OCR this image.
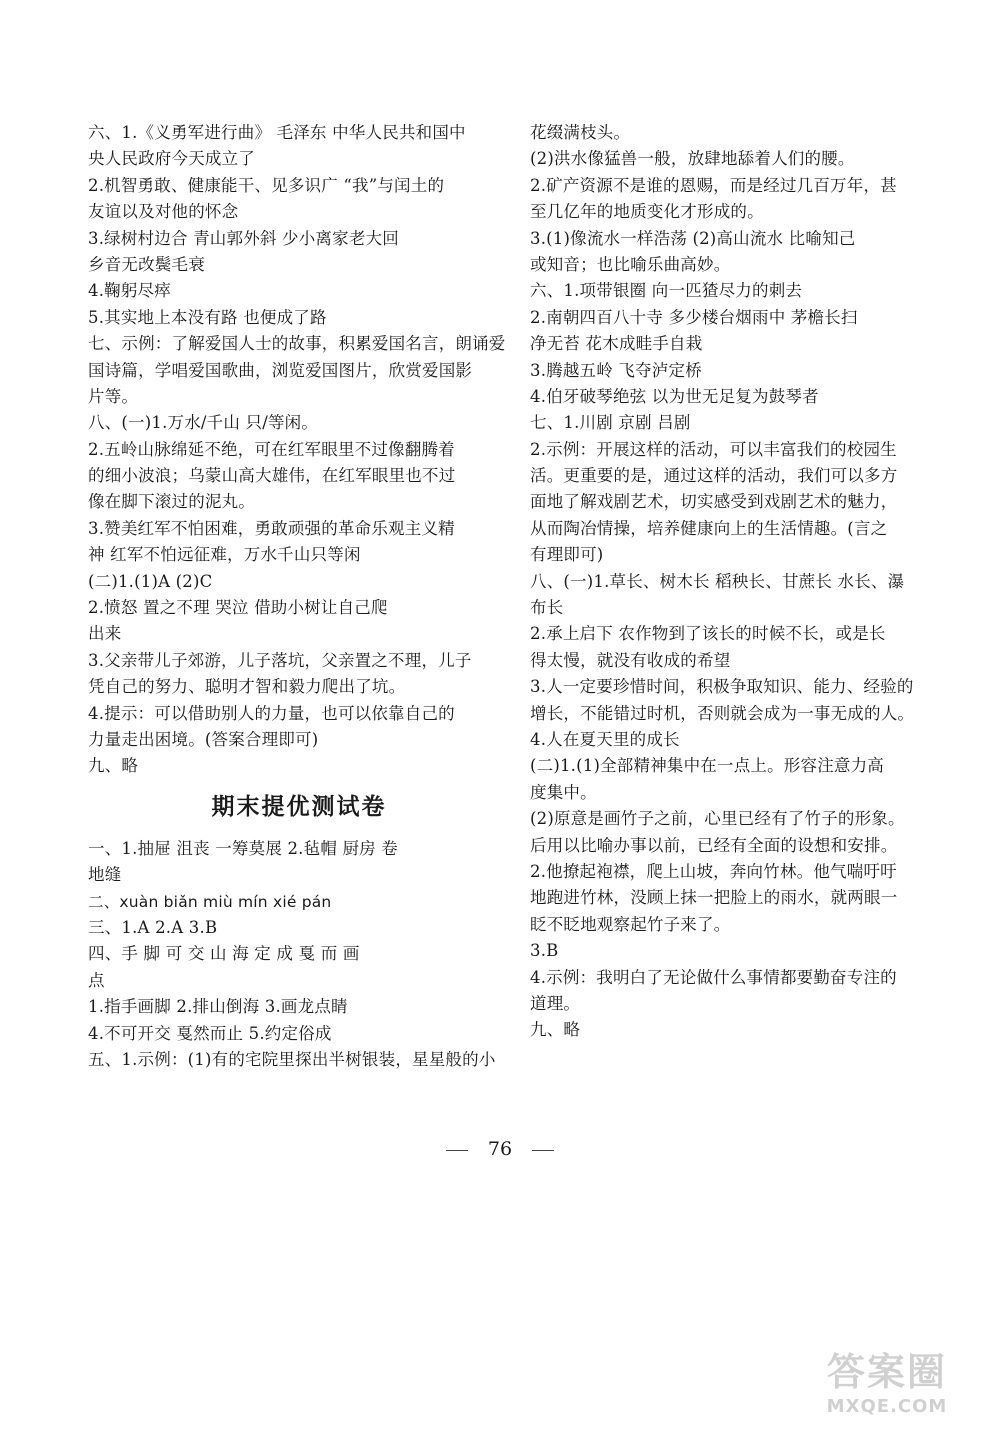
六、1.《义勇军进行曲》 毛泽东 中华人民共和国中
央人民政府今天成立了
2.机智勇敢、健康能干、见多识广 “我”与闰土的
友谊以及对他的怀念
3.绿树村边合 青山郭外斜 少小离家老大回
乡音无改鬓毛衰
4.鞠躬尽瘁
5.其实地上本没有路 也便成了路
七、示例：了解爱国人士的故事，积累爱国名言，朗诵爱
国诗篇，学唱爱国歌曲，浏览爱国图片，欣赏爱国影
片等。
八、(一)1.万水/千山 只/等闲。
2.五岭山脉绵延不绝，可在红军眼里不过像翻腾着
的细小波浪；乌蒙山高大雄伟，在红军眼里也不过
像在脚下滚过的泥丸。
3.赞美红军不怕困难，勇敢顽强的革命乐观主义精
神 红军不怕远征难，万水千山只等闲
(二)1.(1)A (2)C
2.愤怒 置之不理 哭泣 借助小树让自己爬
出来
3.父亲带儿子郊游，儿子落坑，父亲置之不理，儿子
凭自己的努力、聪明才智和毅力爬出了坑。
4.提示：可以借助别人的力量，也可以依靠自己的
力量走出困境。(答案合理即可)
九、略
期末提优测试卷
一、1.抽屉 沮丧 一筹莫展 2.毡帽 厨房 卷
地缝
二、xuàn biǎn miù mín xié pán
三、1.A 2.A 3.B
四、手 脚 可 交 山 海 定 成 戛 而 画
点
1.指手画脚 2.排山倒海 3.画龙点睛
4.不可开交 戛然而止 5.约定俗成
五、1.示例：(1)有的宅院里探出半树银装，星星般的小
花缀满枝头。
(2)洪水像猛兽一般，放肆地舔着人们的腰。
2.矿产资源不是谁的恩赐，而是经过几百万年，甚
至几亿年的地质变化才形成的。
3.(1)像流水一样浩荡 (2)高山流水 比喻知己
或知音；也比喻乐曲高妙。
六、1.项带银圈 向一匹猹尽力的刺去
2.南朝四百八十寺 多少楼台烟雨中 茅檐长扫
净无苔 花木成畦手自栽
3.腾越五岭 飞夺泸定桥
4.伯牙破琴绝弦 以为世无足复为鼓琴者
七、1.川剧 京剧 吕剧
2.示例：开展这样的活动，可以丰富我们的校园生
活。更重要的是，通过这样的活动，我们可以多方
面地了解戏剧艺术，切实感受到戏剧艺术的魅力，
从而陶冶情操，培养健康向上的生活情趣。(言之
有理即可)
八、(一)1.草长、树木长 稻秧长、甘蔗长 水长、瀑
布长
2.承上启下 农作物到了该长的时候不长，或是长
得太慢，就没有收成的希望
3.人一定要珍惜时间，积极争取知识、能力、经验的
增长，不能错过时机，否则就会成为一事无成的人。
4.人在夏天里的成长
(二)1.(1)全部精神集中在一点上。形容注意力高
度集中。
(2)原意是画竹子之前，心里已经有了竹子的形象。
后用以比喻办事以前，已经有全面的设想和安排。
2.他撩起袍襟，爬上山坡，奔向竹林。他气喘吁吁
地跑进竹林，没顾上抹一把脸上的雨水，就两眼一
眨不眨地观察起竹子来了。
3.B
4.示例：我明白了无论做什么事情都要勤奋专注的
道理。
九、略
76
答案圈
MXQE.COM
